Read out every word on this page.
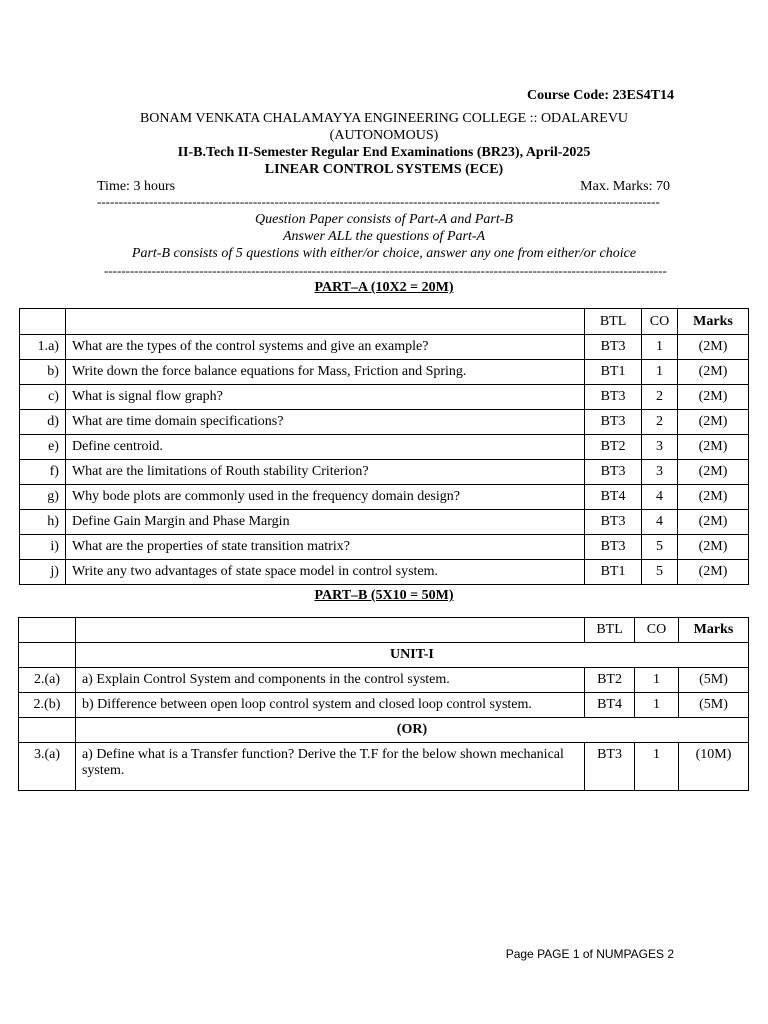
Course Code: 23ES4T14
BONAM VENKATA CHALAMAYYA ENGINEERING COLLEGE :: ODALAREVU
(AUTONOMOUS)
II-B.Tech II-Semester Regular End Examinations (BR23), April-2025
LINEAR CONTROL SYSTEMS (ECE)
Time: 3 hours	Max. Marks: 70
----------------------------------------------------------------------------------------------------------------------------------
Question Paper consists of Part-A and Part-B
Answer ALL the questions of Part-A
Part-B consists of 5 questions with either/or choice, answer any one from either/or choice
----------------------------------------------------------------------------------------------------------------------------------
PART–A (10X2 = 20M)
		BTL	CO	Marks
1.a)	What are the types of the control systems and give an example?	BT3	1	(2M)
b)	Write down the force balance equations for Mass, Friction and Spring.	BT1	1	(2M)
c)	What is signal flow graph?	BT3	2	(2M)
d)	What are time domain specifications?	BT3	2	(2M)
e)	Define centroid.	BT2	3	(2M)
f)	What are the limitations of Routh stability Criterion?	BT3	3	(2M)
g)	Why bode plots are commonly used in the frequency domain design?	BT4	4	(2M)
h)	Define Gain Margin and Phase Margin	BT3	4	(2M)
i)	What are the properties of state transition matrix?	BT3	5	(2M)
j)	Write any two advantages of state space model in control system.	BT1	5	(2M)
PART–B (5X10 = 50M)
		BTL	CO	Marks
	UNIT-I			
2.(a)	a) Explain Control System and components in the control system.	BT2	1	(5M)
2.(b)	b) Difference between open loop control system and closed loop control system.	BT4	1	(5M)
	(OR)			
3.(a)	a) Define what is a Transfer function? Derive the T.F for the below shown mechanical system.	BT3	1	(10M)
Page PAGE 1 of NUMPAGES 2
